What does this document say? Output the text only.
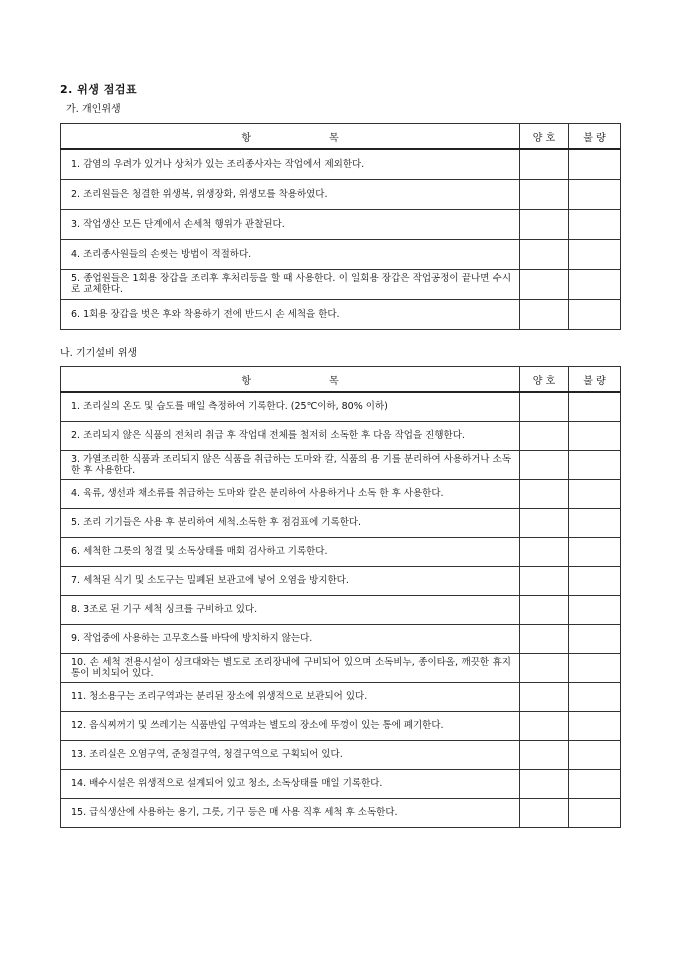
2. 위생 점검표
가. 개인위생
항 목	양 호	불 량
1. 감염의 우려가 있거나 상처가 있는 조리종사자는 작업에서 제외한다.		
2. 조리원들은 청결한 위생복, 위생장화, 위생모를 착용하였다.		
3. 작업생산 모든 단계에서 손세척 행위가 관찰된다.		
4. 조리종사원들의 손씻는 방법이 적절하다.		
5. 종업원들은 1회용 장갑을 조리후 후처리등을 할 때 사용한다. 이 일회용 장갑은 작업공정이 끝나면 수시로 교체한다.		
6. 1회용 장갑을 벗은 후와 착용하기 전에 반드시 손 세척을 한다.		
나. 기기설비 위생
항 목	양 호	불 량
1. 조리실의 온도 및 습도를 매일 측정하여 기록한다. (25℃이하, 80% 이하)		
2. 조리되지 않은 식품의 전처리 취급 후 작업대 전체를 철저히 소독한 후 다음 작업을 진행한다.		
3. 가열조리한 식품과 조리되지 않은 식품을 취급하는 도마와 칼, 식품의 용 기를 분리하여 사용하거나 소독한 후 사용한다.		
4. 육류, 생선과 채소류를 취급하는 도마와 칼은 분리하여 사용하거나 소독 한 후 사용한다.		
5. 조리 기기들은 사용 후 분리하여 세척.소독한 후 점검표에 기록한다.		
6. 세척한 그릇의 청결 및 소독상태를 매회 검사하고 기록한다.		
7. 세척된 식기 및 소도구는 밀폐된 보관고에 넣어 오염을 방지한다.		
8. 3조로 된 기구 세척 싱크를 구비하고 있다.		
9. 작업중에 사용하는 고무호스를 바닥에 방치하지 않는다.		
10. 손 세척 전용시설이 싱크대와는 별도로 조리장내에 구비되어 있으며 소독비누, 종이타올, 깨끗한 휴지통이 비치되어 있다.		
11. 청소용구는 조리구역과는 분리된 장소에 위생적으로 보관되어 있다.		
12. 음식찌꺼기 및 쓰레기는 식품반입 구역과는 별도의 장소에 뚜껑이 있는 통에 폐기한다.		
13. 조리실은 오염구역, 준청결구역, 청결구역으로 구획되어 있다.		
14. 배수시설은 위생적으로 설계되어 있고 청소, 소독상태를 매일 기록한다.		
15. 급식생산에 사용하는 용기, 그릇, 기구 등은 매 사용 직후 세척 후 소독한다.		
